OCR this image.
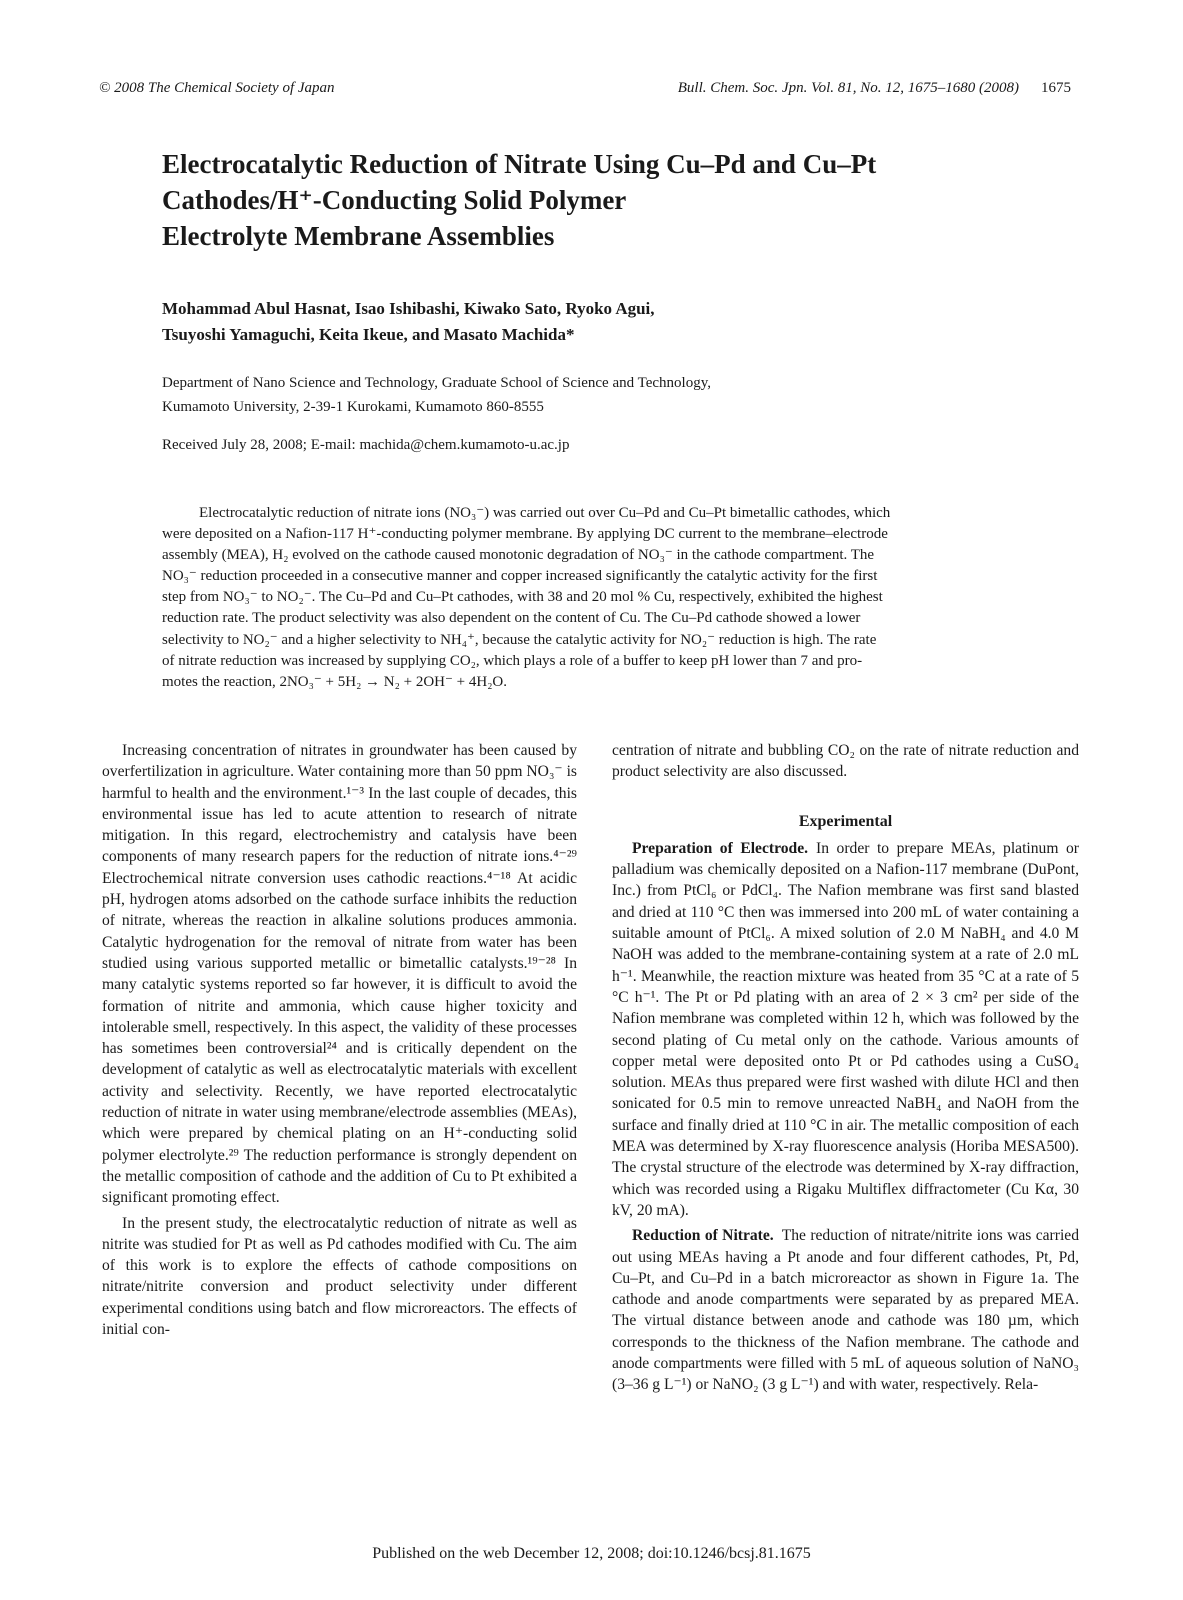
© 2008 The Chemical Society of Japan	Bull. Chem. Soc. Jpn. Vol. 81, No. 12, 1675–1680 (2008) 1675
Electrocatalytic Reduction of Nitrate Using Cu–Pd and Cu–Pt
Cathodes/H⁺-Conducting Solid Polymer
Electrolyte Membrane Assemblies
Mohammad Abul Hasnat, Isao Ishibashi, Kiwako Sato, Ryoko Agui,
Tsuyoshi Yamaguchi, Keita Ikeue, and Masato Machida*
Department of Nano Science and Technology, Graduate School of Science and Technology,
Kumamoto University, 2-39-1 Kurokami, Kumamoto 860-8555
Received July 28, 2008; E-mail: machida@chem.kumamoto-u.ac.jp
Electrocatalytic reduction of nitrate ions (NO₃⁻) was carried out over Cu–Pd and Cu–Pt bimetallic cathodes, which
were deposited on a Nafion-117 H⁺-conducting polymer membrane. By applying DC current to the membrane–electrode
assembly (MEA), H₂ evolved on the cathode caused monotonic degradation of NO₃⁻ in the cathode compartment. The
NO₃⁻ reduction proceeded in a consecutive manner and copper increased significantly the catalytic activity for the first
step from NO₃⁻ to NO₂⁻. The Cu–Pd and Cu–Pt cathodes, with 38 and 20 mol % Cu, respectively, exhibited the highest
reduction rate. The product selectivity was also dependent on the content of Cu. The Cu–Pd cathode showed a lower
selectivity to NO₂⁻ and a higher selectivity to NH₄⁺, because the catalytic activity for NO₂⁻ reduction is high. The rate
of nitrate reduction was increased by supplying CO₂, which plays a role of a buffer to keep pH lower than 7 and pro-
motes the reaction, 2NO₃⁻ + 5H₂ → N₂ + 2OH⁻ + 4H₂O.

Increasing concentration of nitrates in groundwater has been caused by overfertilization in agriculture. Water containing more than 50 ppm NO₃⁻ is harmful to health and the environment.¹⁻³ In the last couple of decades, this environmental issue has led to acute attention to research of nitrate mitigation. In this regard, electrochemistry and catalysis have been components of many research papers for the reduction of nitrate ions.⁴⁻²⁹ Electrochemical nitrate conversion uses cathodic reactions.⁴⁻¹⁸ At acidic pH, hydrogen atoms adsorbed on the cathode surface inhibits the reduction of nitrate, whereas the reaction in alkaline solutions produces ammonia. Catalytic hydrogenation for the removal of nitrate from water has been studied using various supported metallic or bimetallic catalysts.¹⁹⁻²⁸ In many catalytic systems reported so far however, it is difficult to avoid the formation of nitrite and ammonia, which cause higher toxicity and intolerable smell, respectively. In this aspect, the validity of these processes has sometimes been controversial²⁴ and is critically dependent on the development of catalytic as well as electrocatalytic materials with excellent activity and selectivity. Recently, we have reported electrocatalytic reduction of nitrate in water using membrane/electrode assemblies (MEAs), which were prepared by chemical plating on an H⁺-conducting solid polymer electrolyte.²⁹ The reduction performance is strongly dependent on the metallic composition of cathode and the addition of Cu to Pt exhibited a significant promoting effect.

In the present study, the electrocatalytic reduction of nitrate as well as nitrite was studied for Pt as well as Pd cathodes modified with Cu. The aim of this work is to explore the effects of cathode compositions on nitrate/nitrite conversion and product selectivity under different experimental conditions using batch and flow microreactors. The effects of initial con-

centration of nitrate and bubbling CO₂ on the rate of nitrate reduction and product selectivity are also discussed.

Experimental

Preparation of Electrode. In order to prepare MEAs, platinum or palladium was chemically deposited on a Nafion-117 membrane (DuPont, Inc.) from PtCl₆ or PdCl₄. The Nafion membrane was first sand blasted and dried at 110 °C then was immersed into 200 mL of water containing a suitable amount of PtCl₆. A mixed solution of 2.0 M NaBH₄ and 4.0 M NaOH was added to the membrane-containing system at a rate of 2.0 mL h⁻¹. Meanwhile, the reaction mixture was heated from 35 °C at a rate of 5 °C h⁻¹. The Pt or Pd plating with an area of 2 × 3 cm² per side of the Nafion membrane was completed within 12 h, which was followed by the second plating of Cu metal only on the cathode. Various amounts of copper metal were deposited onto Pt or Pd cathodes using a CuSO₄ solution. MEAs thus prepared were first washed with dilute HCl and then sonicated for 0.5 min to remove unreacted NaBH₄ and NaOH from the surface and finally dried at 110 °C in air. The metallic composition of each MEA was determined by X-ray fluorescence analysis (Horiba MESA500). The crystal structure of the electrode was determined by X-ray diffraction, which was recorded using a Rigaku Multiflex diffractometer (Cu Kα, 30 kV, 20 mA).

Reduction of Nitrate. The reduction of nitrate/nitrite ions was carried out using MEAs having a Pt anode and four different cathodes, Pt, Pd, Cu–Pt, and Cu–Pd in a batch microreactor as shown in Figure 1a. The cathode and anode compartments were separated by as prepared MEA. The virtual distance between anode and cathode was 180 µm, which corresponds to the thickness of the Nafion membrane. The cathode and anode compartments were filled with 5 mL of aqueous solution of NaNO₃ (3–36 g L⁻¹) or NaNO₂ (3 g L⁻¹) and with water, respectively. Rela-

Published on the web December 12, 2008; doi:10.1246/bcsj.81.1675
